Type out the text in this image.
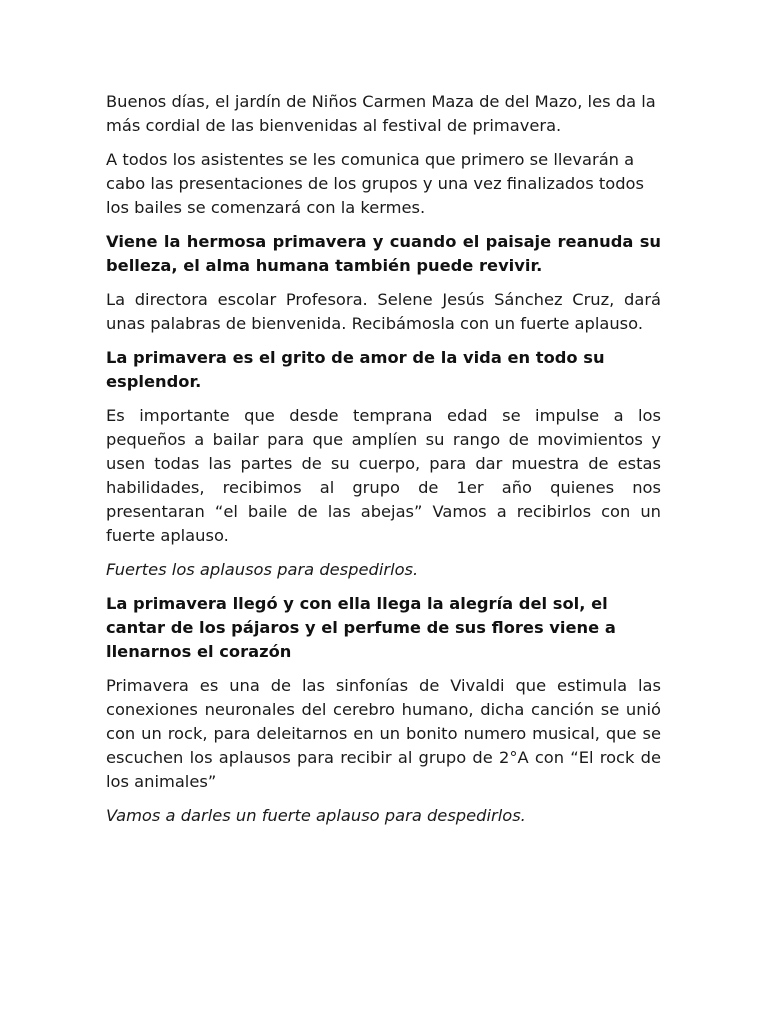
Buenos días, el jardín de Niños Carmen Maza de del Mazo, les da la más cordial de las bienvenidas al festival de primavera.

A todos los asistentes se les comunica que primero se llevarán a cabo las presentaciones de los grupos y una vez finalizados todos los bailes se comenzará con la kermes.

Viene la hermosa primavera y cuando el paisaje reanuda su belleza, el alma humana también puede revivir.

La directora escolar Profesora. Selene Jesús Sánchez Cruz, dará unas palabras de bienvenida. Recibámosla con un fuerte aplauso.

La primavera es el grito de amor de la vida en todo su esplendor.

Es importante que desde temprana edad se impulse a los pequeños a bailar para que amplíen su rango de movimientos y usen todas las partes de su cuerpo, para dar muestra de estas habilidades, recibimos al grupo de 1er año quienes nos presentaran “el baile de las abejas” Vamos a recibirlos con un fuerte aplauso.

Fuertes los aplausos para despedirlos.

La primavera llegó y con ella llega la alegría del sol, el cantar de los pájaros y el perfume de sus flores viene a llenarnos el corazón

Primavera es una de las sinfonías de Vivaldi que estimula las conexiones neuronales del cerebro humano, dicha canción se unió con un rock, para deleitarnos en un bonito numero musical, que se escuchen los aplausos para recibir al grupo de 2°A con “El rock de los animales”

Vamos a darles un fuerte aplauso para despedirlos.
